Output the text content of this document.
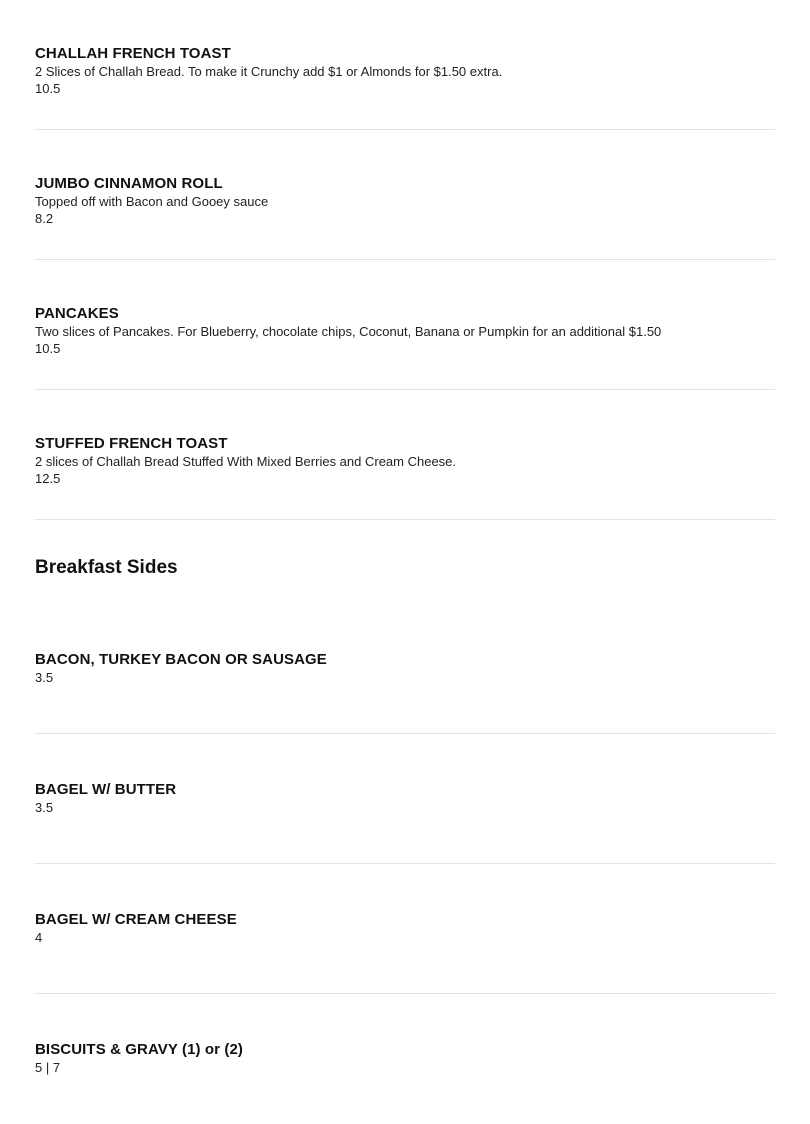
CHALLAH FRENCH TOAST

2 Slices of Challah Bread. To make it Crunchy add $1 or Almonds for $1.50 extra.

10.5

JUMBO CINNAMON ROLL

Topped off with Bacon and Gooey sauce

8.2

PANCAKES

Two slices of Pancakes. For Blueberry, chocolate chips, Coconut, Banana or Pumpkin for an additional $1.50

10.5

STUFFED FRENCH TOAST

2 slices of Challah Bread Stuffed With Mixed Berries and Cream Cheese.

12.5

Breakfast Sides

BACON, TURKEY BACON OR SAUSAGE

3.5

BAGEL W/ BUTTER

3.5

BAGEL W/ CREAM CHEESE

4

BISCUITS & GRAVY (1) or (2)

5 | 7
